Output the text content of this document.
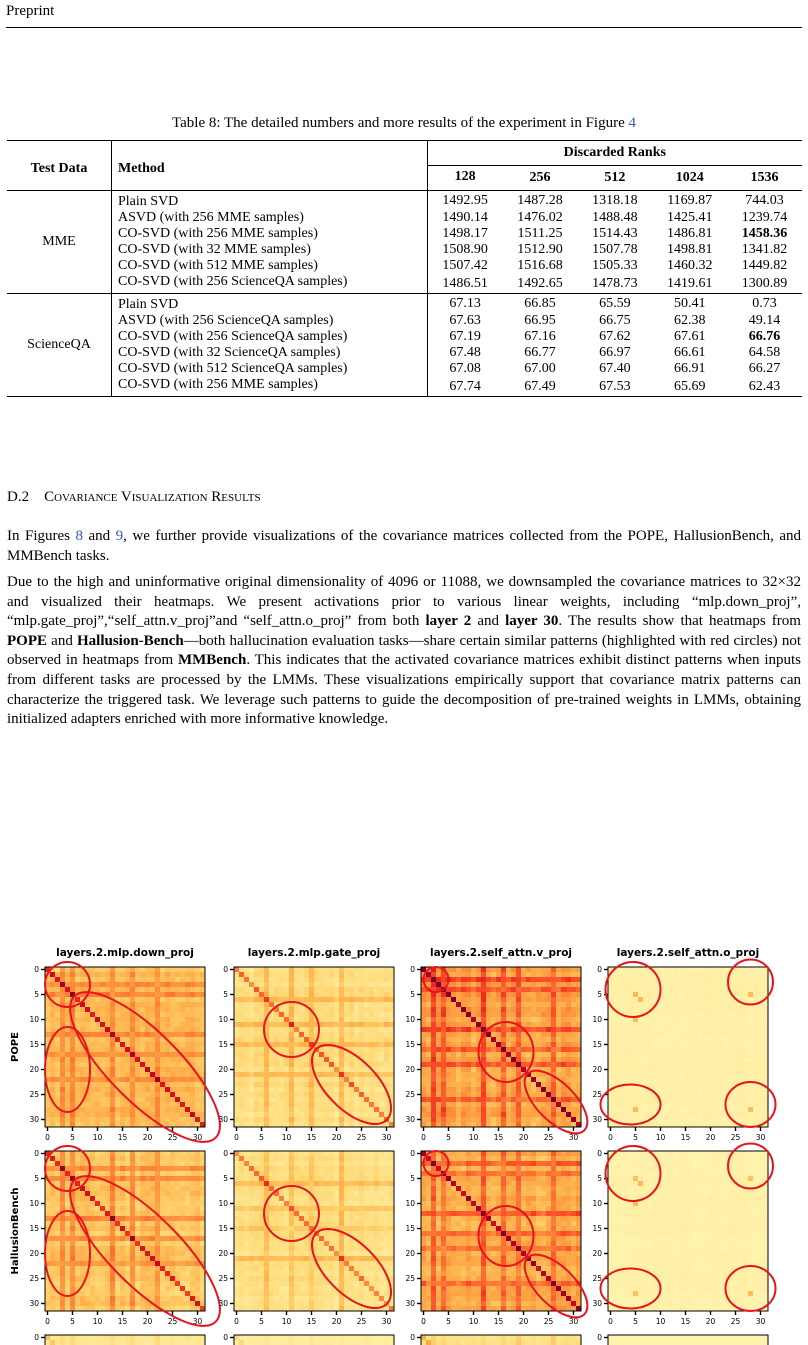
Preprint
Table 8: The detailed numbers and more results of the experiment in Figure 4
Test Data	Method	Discarded Ranks				
		128	256	512	1024	1536
MME	Plain SVD	1492.95	1487.28	1318.18	1169.87	744.03
	ASVD (with 256 MME samples)	1490.14	1476.02	1488.48	1425.41	1239.74
	CO-SVD (with 256 MME samples)	1498.17	1511.25	1514.43	1486.81	1458.36
	CO-SVD (with 32 MME samples)	1508.90	1512.90	1507.78	1498.81	1341.82
	CO-SVD (with 512 MME samples)	1507.42	1516.68	1505.33	1460.32	1449.82
	CO-SVD (with 256 ScienceQA samples)	1486.51	1492.65	1478.73	1419.61	1300.89
ScienceQA	Plain SVD	67.13	66.85	65.59	50.41	0.73
	ASVD (with 256 ScienceQA samples)	67.63	66.95	66.75	62.38	49.14
	CO-SVD (with 256 ScienceQA samples)	67.19	67.16	67.62	67.61	66.76
	CO-SVD (with 32 ScienceQA samples)	67.48	66.77	66.97	66.61	64.58
	CO-SVD (with 512 ScienceQA samples)	67.08	67.00	67.40	66.91	66.27
	CO-SVD (with 256 MME samples)	67.74	67.49	67.53	65.69	62.43
D.2 Covariance Visualization Results
In Figures 8 and 9, we further provide visualizations of the covariance matrices collected from the POPE, HallusionBench, and MMBench tasks.
Due to the high and uninformative original dimensionality of 4096 or 11088, we downsampled the covariance matrices to 32×32 and visualized their heatmaps. We present activations prior to various linear weights, including “mlp.down_proj”, “mlp.gate_proj”,“self_attn.v_proj”and “self_attn.o_proj” from both layer 2 and layer 30. The results show that heatmaps from POPE and Hallusion-Bench—both hallucination evaluation tasks—share certain similar patterns (highlighted with red circles) not observed in heatmaps from MMBench. This indicates that the activated covariance matrices exhibit distinct patterns when inputs from different tasks are processed by the LMMs. These visualizations empirically support that covariance matrix patterns can characterize the triggered task. We leverage such patterns to guide the decomposition of pre-trained weights in LMMs, obtaining initialized adapters enriched with more informative knowledge.
layers.2.mlp.down_proj	layers.2.mlp.gate_proj	layers.2.self_attn.v_proj	layers.2.self_attn.o_proj
POPE
0	5 10 15 20 25 30
0
5
10
15
20
25
30
0	5 10 15 20 25 30
0
5
10
15
20
25
30
0	5 10 15 20 25 30
0
5
10
15
20
25
30
0	5 10 15 20 25 30
0
5
10
15
20
25
30
HallusionBench
0	5 10 15 20 25 30
0
5
10
15
20
25
30
0	5 10 15 20 25 30
0
5
10
15
20
25
30
0	5 10 15 20 25 30
0
5
10
15
20
25
30
0	5 10 15 20 25 30
0
5
10
15
20
25
30
0	0	0	0
